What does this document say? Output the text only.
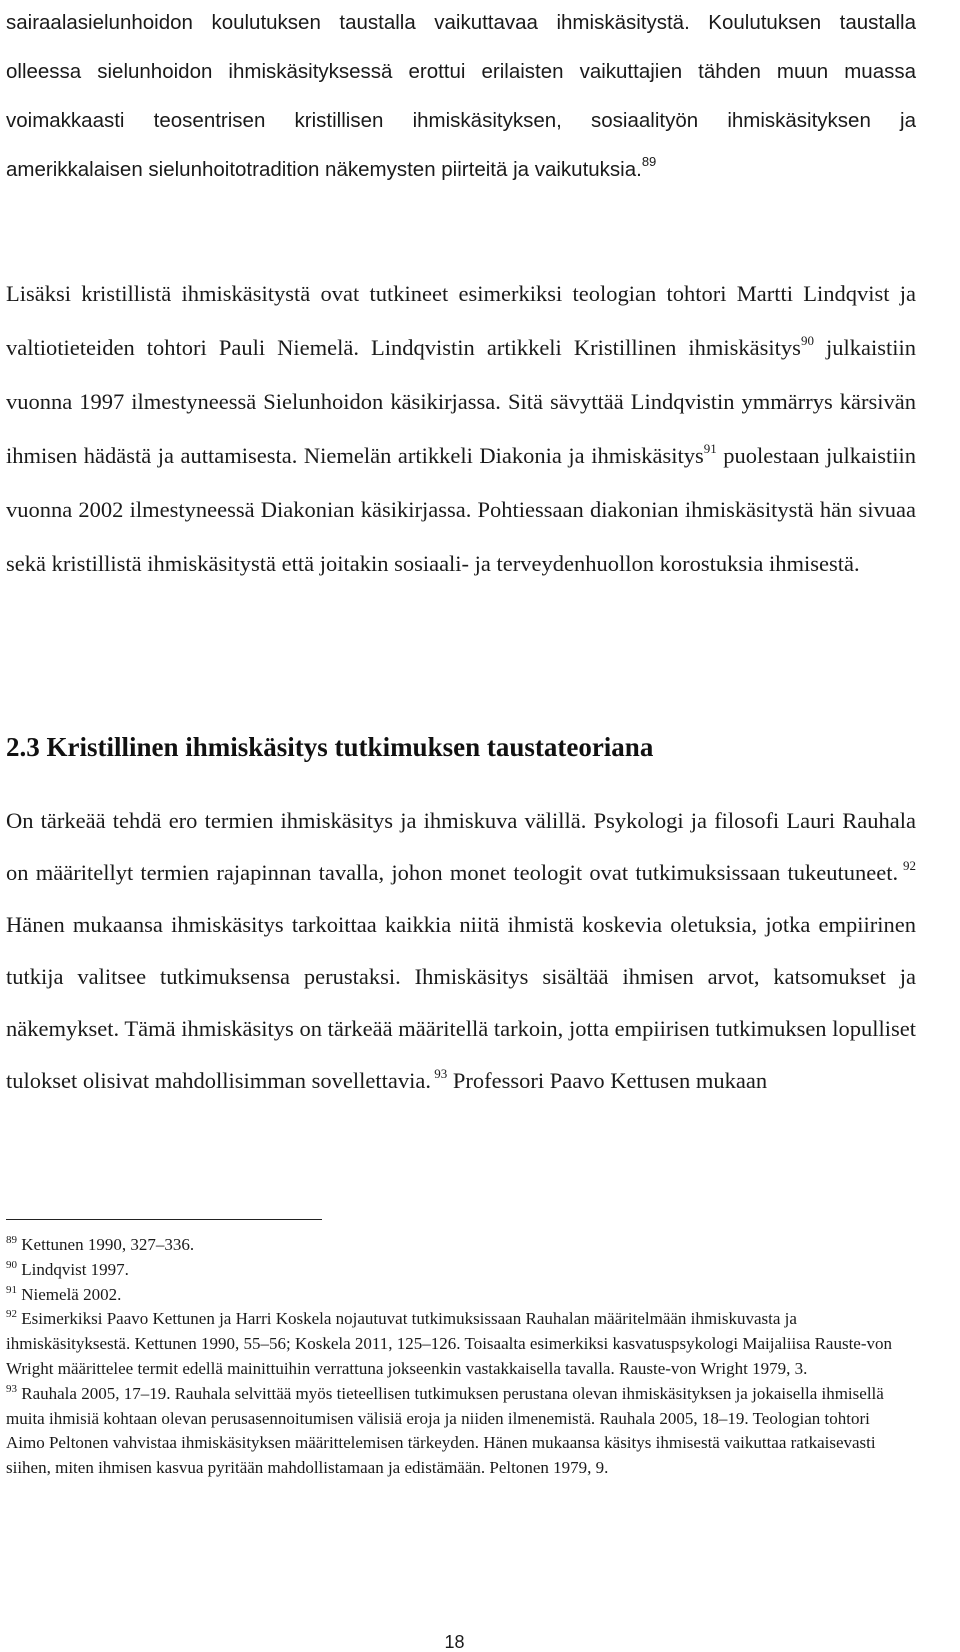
sairaalasielunhoidon koulutuksen taustalla vaikuttavaa ihmiskäsitystä. Koulutuksen taustalla olleessa sielunhoidon ihmiskäsityksessä erottui erilaisten vaikuttajien tähden muun muassa voimakkaasti teosentrisen kristillisen ihmiskäsityksen, sosiaalityön ihmiskäsityksen ja amerikkalaisen sielunhoitotradition näkemysten piirteitä ja vaikutuksia.$^{89}$

Lisäksi kristillistä ihmiskäsitystä ovat tutkineet esimerkiksi teologian tohtori Martti Lindqvist ja valtiotieteiden tohtori Pauli Niemelä. Lindqvistin artikkeli Kristillinen ihmiskäsitys$^{90}$ julkaistiin vuonna 1997 ilmestyneessä Sielunhoidon käsikirjassa. Sitä sävyttää Lindqvistin ymmärrys kärsivän ihmisen hädästä ja auttamisesta. Niemelän artikkeli Diakonia ja ihmiskäsitys$^{91}$ puolestaan julkaistiin vuonna 2002 ilmestyneessä Diakonian käsikirjassa. Pohtiessaan diakonian ihmiskäsitystä hän sivuaa sekä kristillistä ihmiskäsitystä että joitakin sosiaali- ja terveydenhuollon korostuksia ihmisestä.

2.3 Kristillinen ihmiskäsitys tutkimuksen taustateoriana

On tärkeää tehdä ero termien ihmiskäsitys ja ihmiskuva välillä. Psykologi ja filosofi Lauri Rauhala on määritellyt termien rajapinnan tavalla, johon monet teologit ovat tutkimuksissaan tukeutuneet. $^{92}$ Hänen mukaansa ihmiskäsitys tarkoittaa kaikkia niitä ihmistä koskevia oletuksia, jotka empiirinen tutkija valitsee tutkimuksensa perustaksi. Ihmiskäsitys sisältää ihmisen arvot, katsomukset ja näkemykset. Tämä ihmiskäsitys on tärkeää määritellä tarkoin, jotta empiirisen tutkimuksen lopulliset tulokset olisivat mahdollisimman sovellettavia. $^{93}$ Professori Paavo Kettusen mukaan

$^{89}$ Kettunen 1990, 327–336.
$^{90}$ Lindqvist 1997.
$^{91}$ Niemelä 2002.
$^{92}$ Esimerkiksi Paavo Kettunen ja Harri Koskela nojautuvat tutkimuksissaan Rauhalan määritelmään ihmiskuvasta ja ihmiskäsityksestä. Kettunen 1990, 55–56; Koskela 2011, 125–126. Toisaalta esimerkiksi kasvatuspsykologi Maijaliisa Rauste-von Wright määrittelee termit edellä mainittuihin verrattuna jokseenkin vastakkaisella tavalla. Rauste-von Wright 1979, 3.
$^{93}$ Rauhala 2005, 17–19. Rauhala selvittää myös tieteellisen tutkimuksen perustana olevan ihmiskäsityksen ja jokaisella ihmisellä muita ihmisiä kohtaan olevan perusasennoitumisen välisiä eroja ja niiden ilmenemistä. Rauhala 2005, 18–19. Teologian tohtori Aimo Peltonen vahvistaa ihmiskäsityksen määrittelemisen tärkeyden. Hänen mukaansa käsitys ihmisestä vaikuttaa ratkaisevasti siihen, miten ihmisen kasvua pyritään mahdollistamaan ja edistämään. Peltonen 1979, 9.
18
